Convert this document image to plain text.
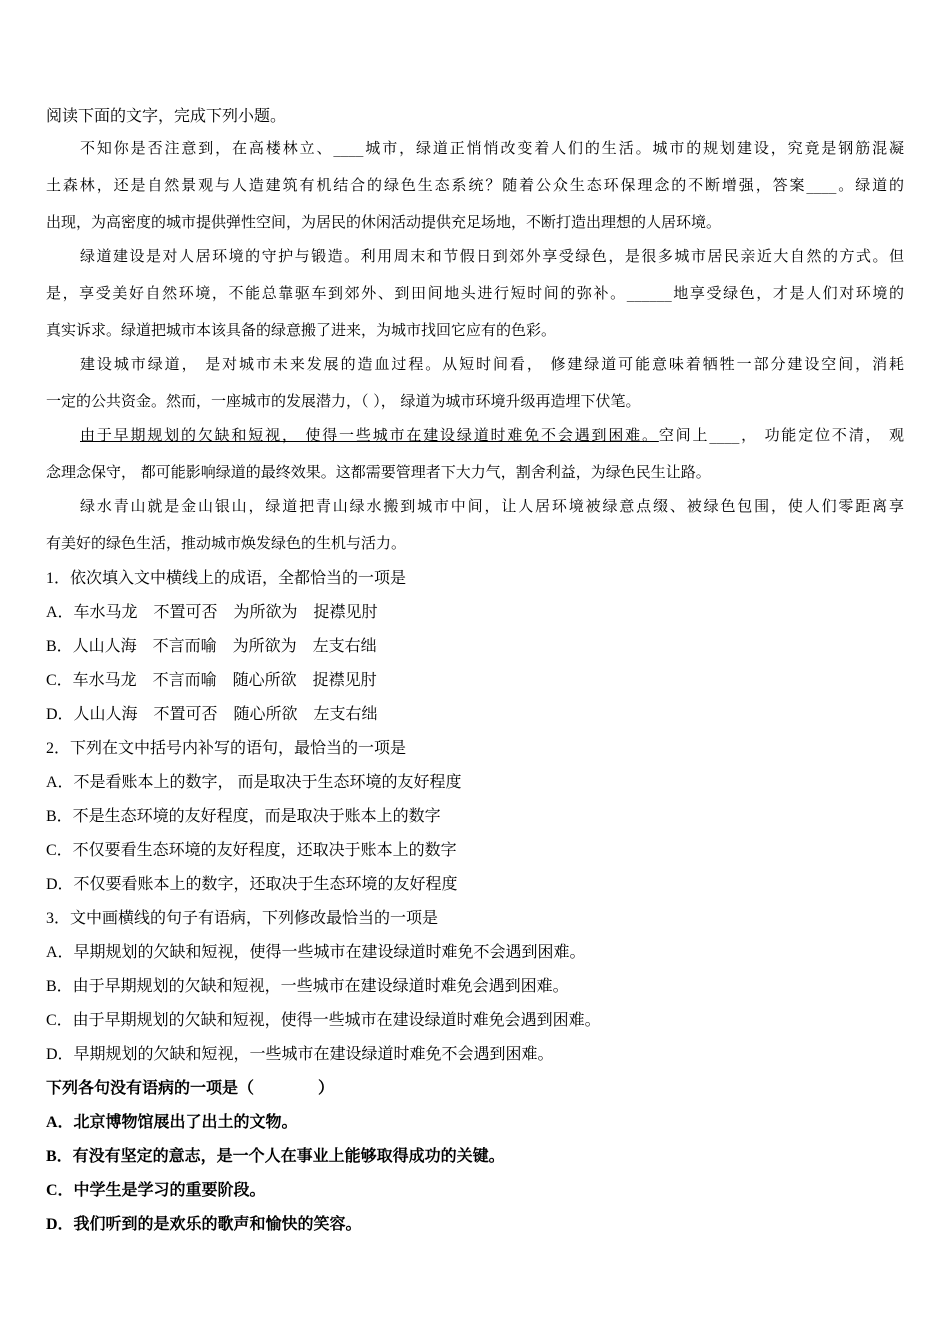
阅读下面的文字，完成下列小题。
不知你是否注意到，在高楼林立、____城市，绿道正悄悄改变着人们的生活。城市的规划建设，究竟是钢筋混凝
土森林，还是自然景观与人造建筑有机结合的绿色生态系统？随着公众生态环保理念的不断增强，答案____。绿道的
出现，为高密度的城市提供弹性空间，为居民的休闲活动提供充足场地，不断打造出理想的人居环境。
绿道建设是对人居环境的守护与锻造。利用周末和节假日到郊外享受绿色，是很多城市居民亲近大自然的方式。但
是，享受美好自然环境，不能总靠驱车到郊外、到田间地头进行短时间的弥补。______地享受绿色，才是人们对环境的
真实诉求。绿道把城市本该具备的绿意搬了进来，为城市找回它应有的色彩。
建设城市绿道， 是对城市未来发展的造血过程。从短时间看， 修建绿道可能意味着牺牲一部分建设空间，消耗
一定的公共资金。然而，一座城市的发展潜力，（ ）， 绿道为城市环境升级再造埋下伏笔。
由于早期规划的欠缺和短视， 使得一些城市在建设绿道时难免不会遇到困难。空间上____， 功能定位不清， 观
念理念保守， 都可能影响绿道的最终效果。这都需要管理者下大力气，割舍利益，为绿色民生让路。
绿水青山就是金山银山，绿道把青山绿水搬到城市中间，让人居环境被绿意点缀、被绿色包围，使人们零距离享
有美好的绿色生活，推动城市焕发绿色的生机与活力。
1．依次填入文中横线上的成语，全都恰当的一项是
A．车水马龙　不置可否　为所欲为　捉襟见肘
B．人山人海　不言而喻　为所欲为　左支右绌
C．车水马龙　不言而喻　随心所欲　捉襟见肘
D．人山人海　不置可否　随心所欲　左支右绌
2．下列在文中括号内补写的语句，最恰当的一项是
A．不是看账本上的数字， 而是取决于生态环境的友好程度
B．不是生态环境的友好程度，而是取决于账本上的数字
C．不仅要看生态环境的友好程度，还取决于账本上的数字
D．不仅要看账本上的数字，还取决于生态环境的友好程度
3．文中画横线的句子有语病，下列修改最恰当的一项是
A．早期规划的欠缺和短视，使得一些城市在建设绿道时难免不会遇到困难。
B．由于早期规划的欠缺和短视，一些城市在建设绿道时难免会遇到困难。
C．由于早期规划的欠缺和短视，使得一些城市在建设绿道时难免会遇到困难。
D．早期规划的欠缺和短视，一些城市在建设绿道时难免不会遇到困难。
下列各句没有语病的一项是（　　　　）
A．北京博物馆展出了出土的文物。
B．有没有坚定的意志，是一个人在事业上能够取得成功的关键。
C．中学生是学习的重要阶段。
D．我们听到的是欢乐的歌声和愉快的笑容。
